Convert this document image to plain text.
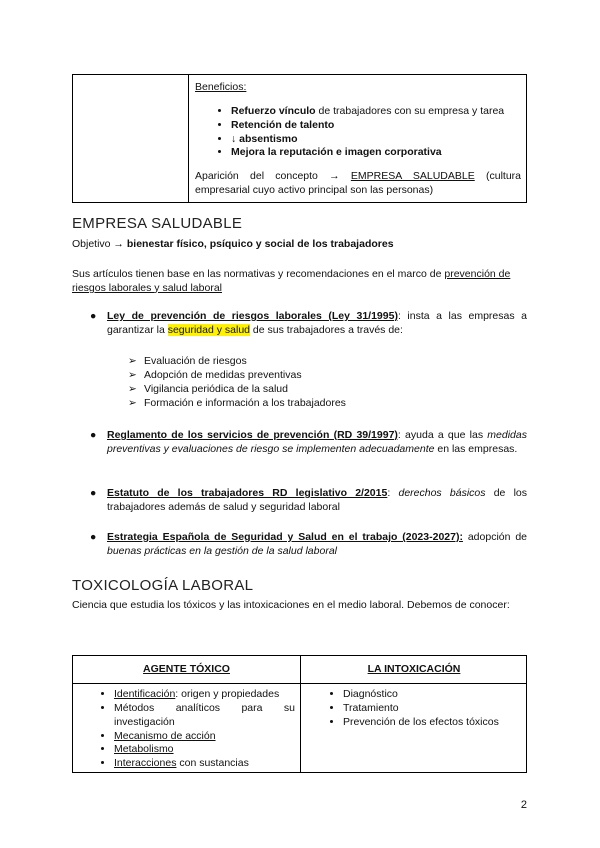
Beneficios:
• Refuerzo vínculo de trabajadores con su empresa y tarea
• Retención de talento
• ↓ absentismo
• Mejora la reputación e imagen corporativa
Aparición del concepto → EMPRESA SALUDABLE (cultura empresarial cuyo activo principal son las personas)
EMPRESA SALUDABLE
Objetivo → bienestar físico, psíquico y social de los trabajadores
Sus artículos tienen base en las normativas y recomendaciones en el marco de prevención de riesgos laborales y salud laboral
● Ley de prevención de riesgos laborales (Ley 31/1995): insta a las empresas a garantizar la seguridad y salud de sus trabajadores a través de:
➢ Evaluación de riesgos
➢ Adopción de medidas preventivas
➢ Vigilancia periódica de la salud
➢ Formación e información a los trabajadores
● Reglamento de los servicios de prevención (RD 39/1997): ayuda a que las medidas preventivas y evaluaciones de riesgo se implementen adecuadamente en las empresas.
● Estatuto de los trabajadores RD legislativo 2/2015: derechos básicos de los trabajadores además de salud y seguridad laboral
● Estrategia Española de Seguridad y Salud en el trabajo (2023-2027): adopción de buenas prácticas en la gestión de la salud laboral
TOXICOLOGÍA LABORAL
Ciencia que estudia los tóxicos y las intoxicaciones en el medio laboral. Debemos de conocer:
AGENTE TÓXICO	LA INTOXICACIÓN
• Identificación: origen y propiedades
• Métodos analíticos para su investigación
• Mecanismo de acción
• Metabolismo
• Interacciones con sustancias
• Diagnóstico
• Tratamiento
• Prevención de los efectos tóxicos
2
